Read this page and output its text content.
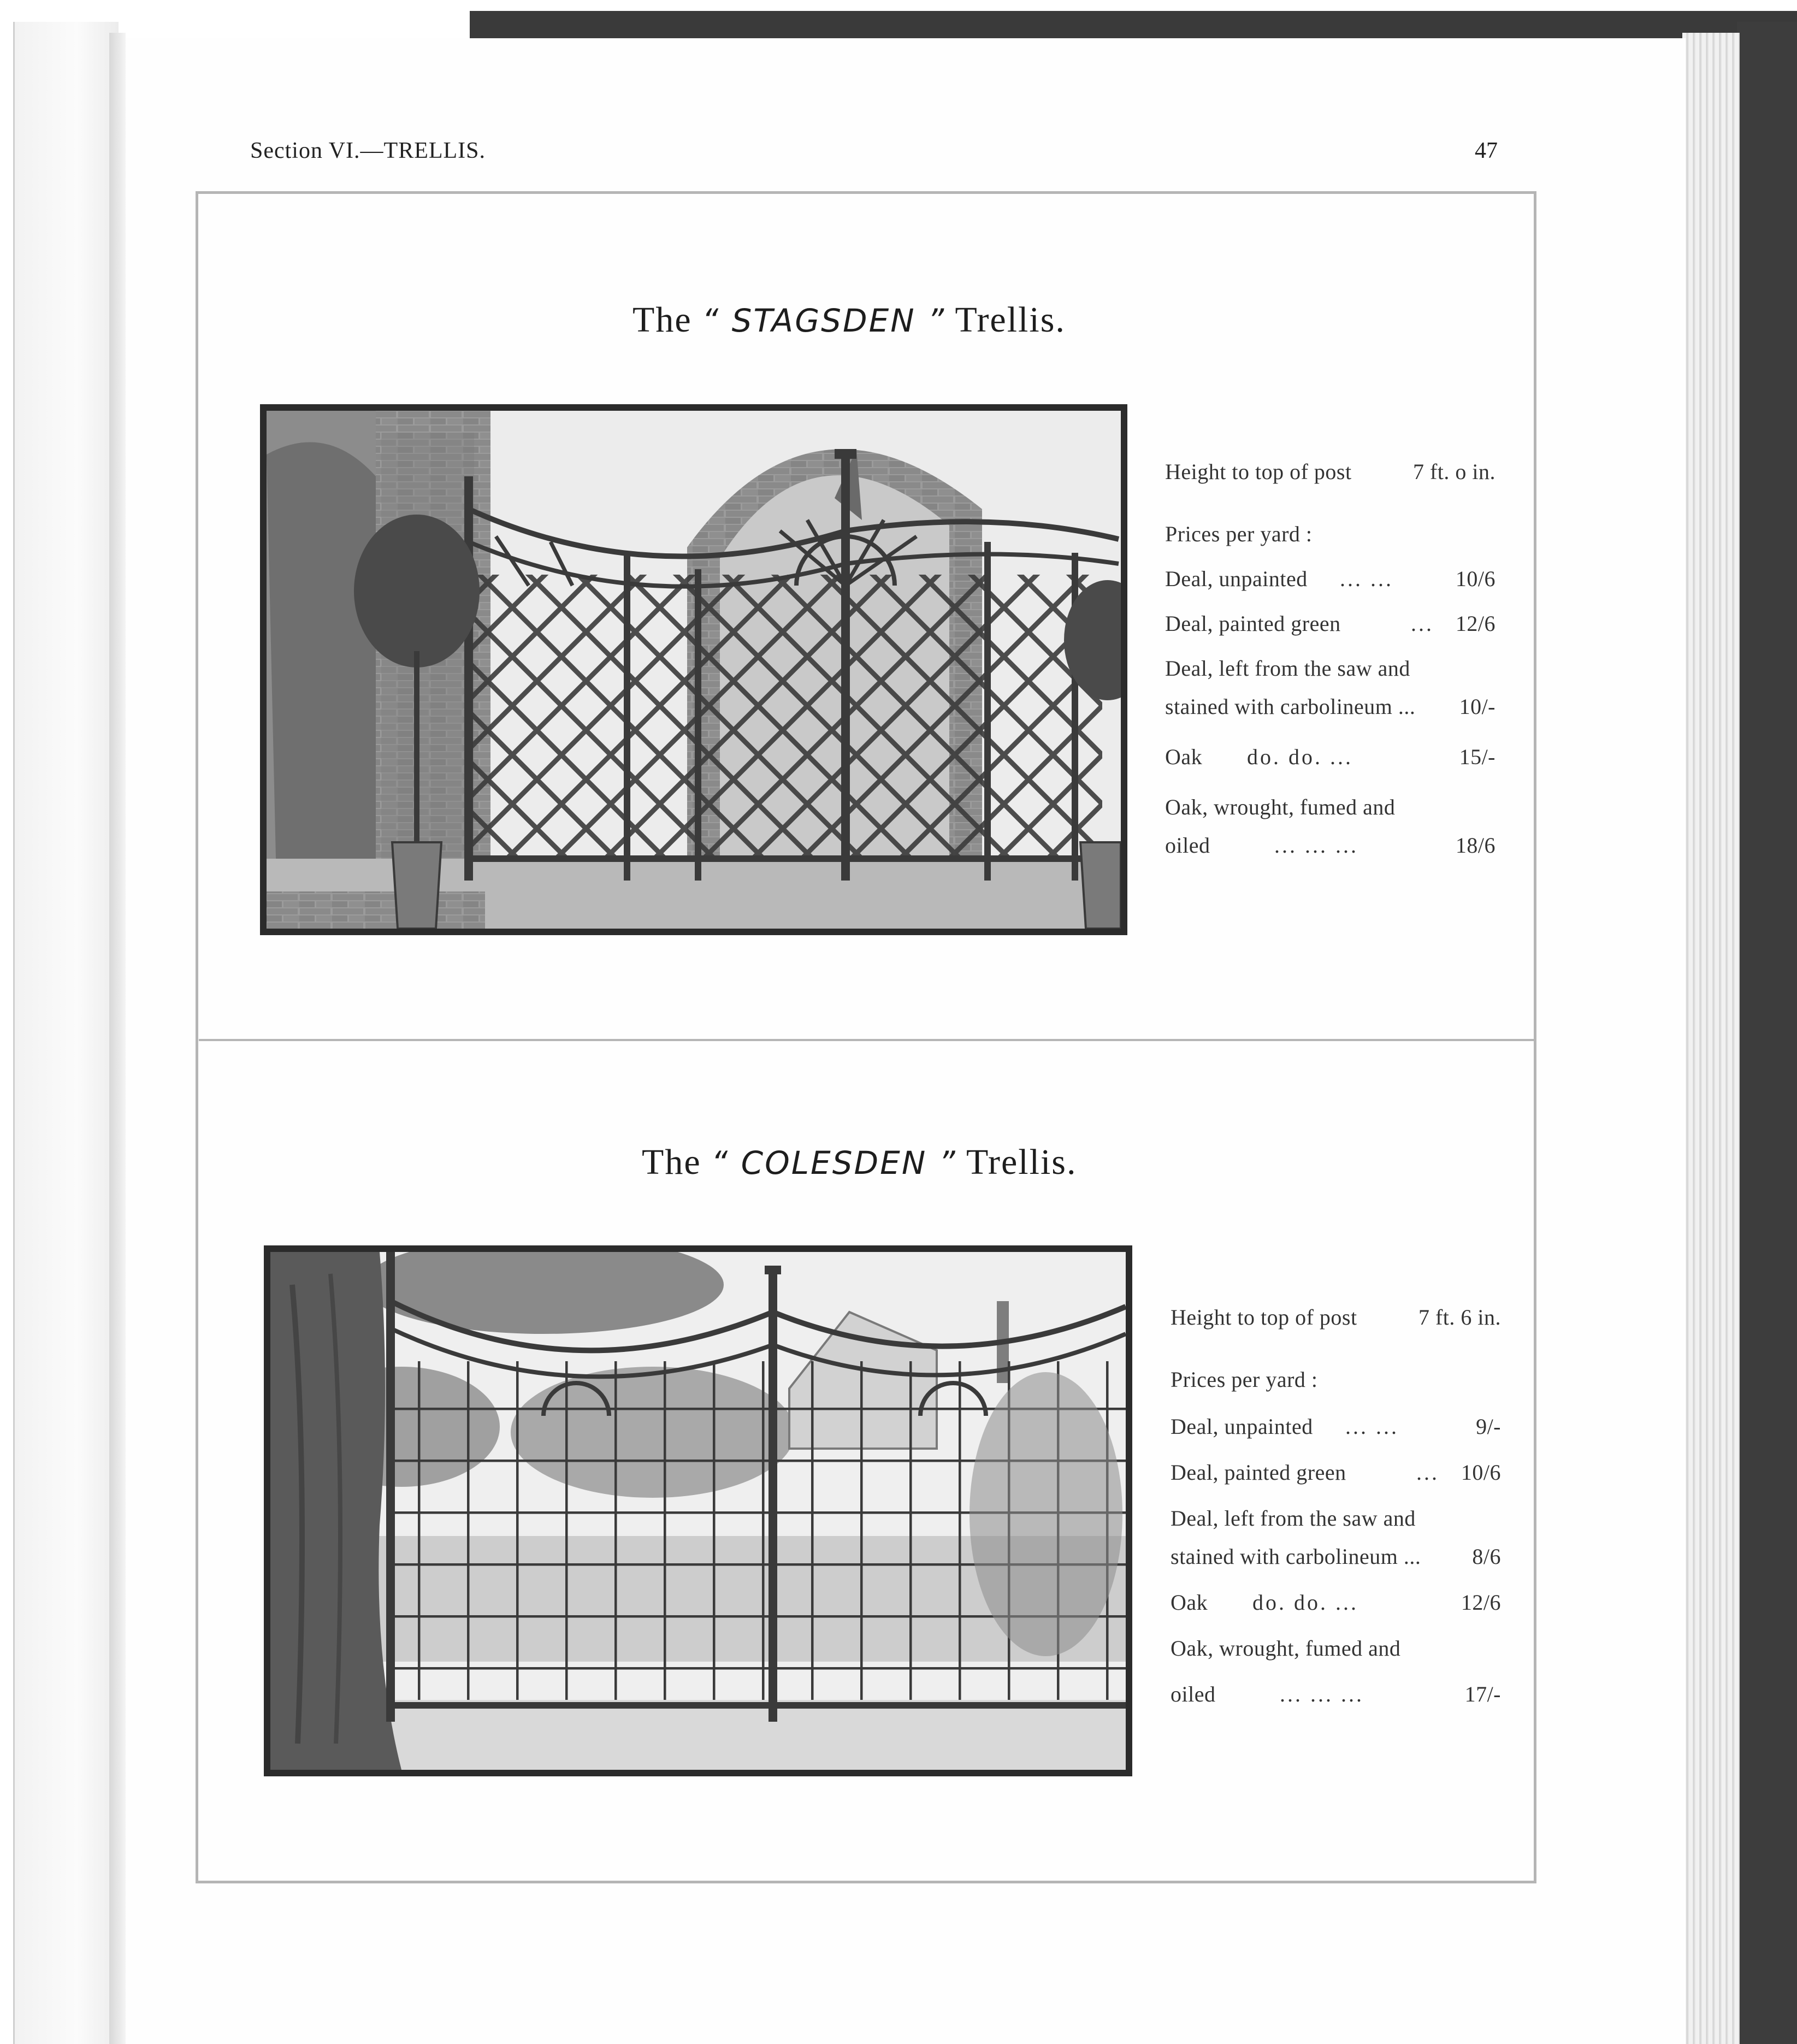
Section VI.—TRELLIS.	47
The “ STAGSDEN ” Trellis.
Height to top of post	7 ft. o in.
Prices per yard :
Deal, unpainted ... ...	10/6
Deal, painted green	... 12/6
Deal, left from the saw and
stained with carbolineum ... 10/-
Oak do. do. ...	15/-
Oak, wrought, fumed and
oiled	... ... ...	18/6
The “ COLESDEN ” Trellis.
Height to top of post	7 ft. 6 in.
Prices per yard :
Deal, unpainted ... ...	9/-
Deal, painted green	... 10/6
Deal, left from the saw and
stained with carbolineum ... 8/6
Oak do. do. ...	12/6
Oak, wrought, fumed and
oiled	... ... ...	17/-
